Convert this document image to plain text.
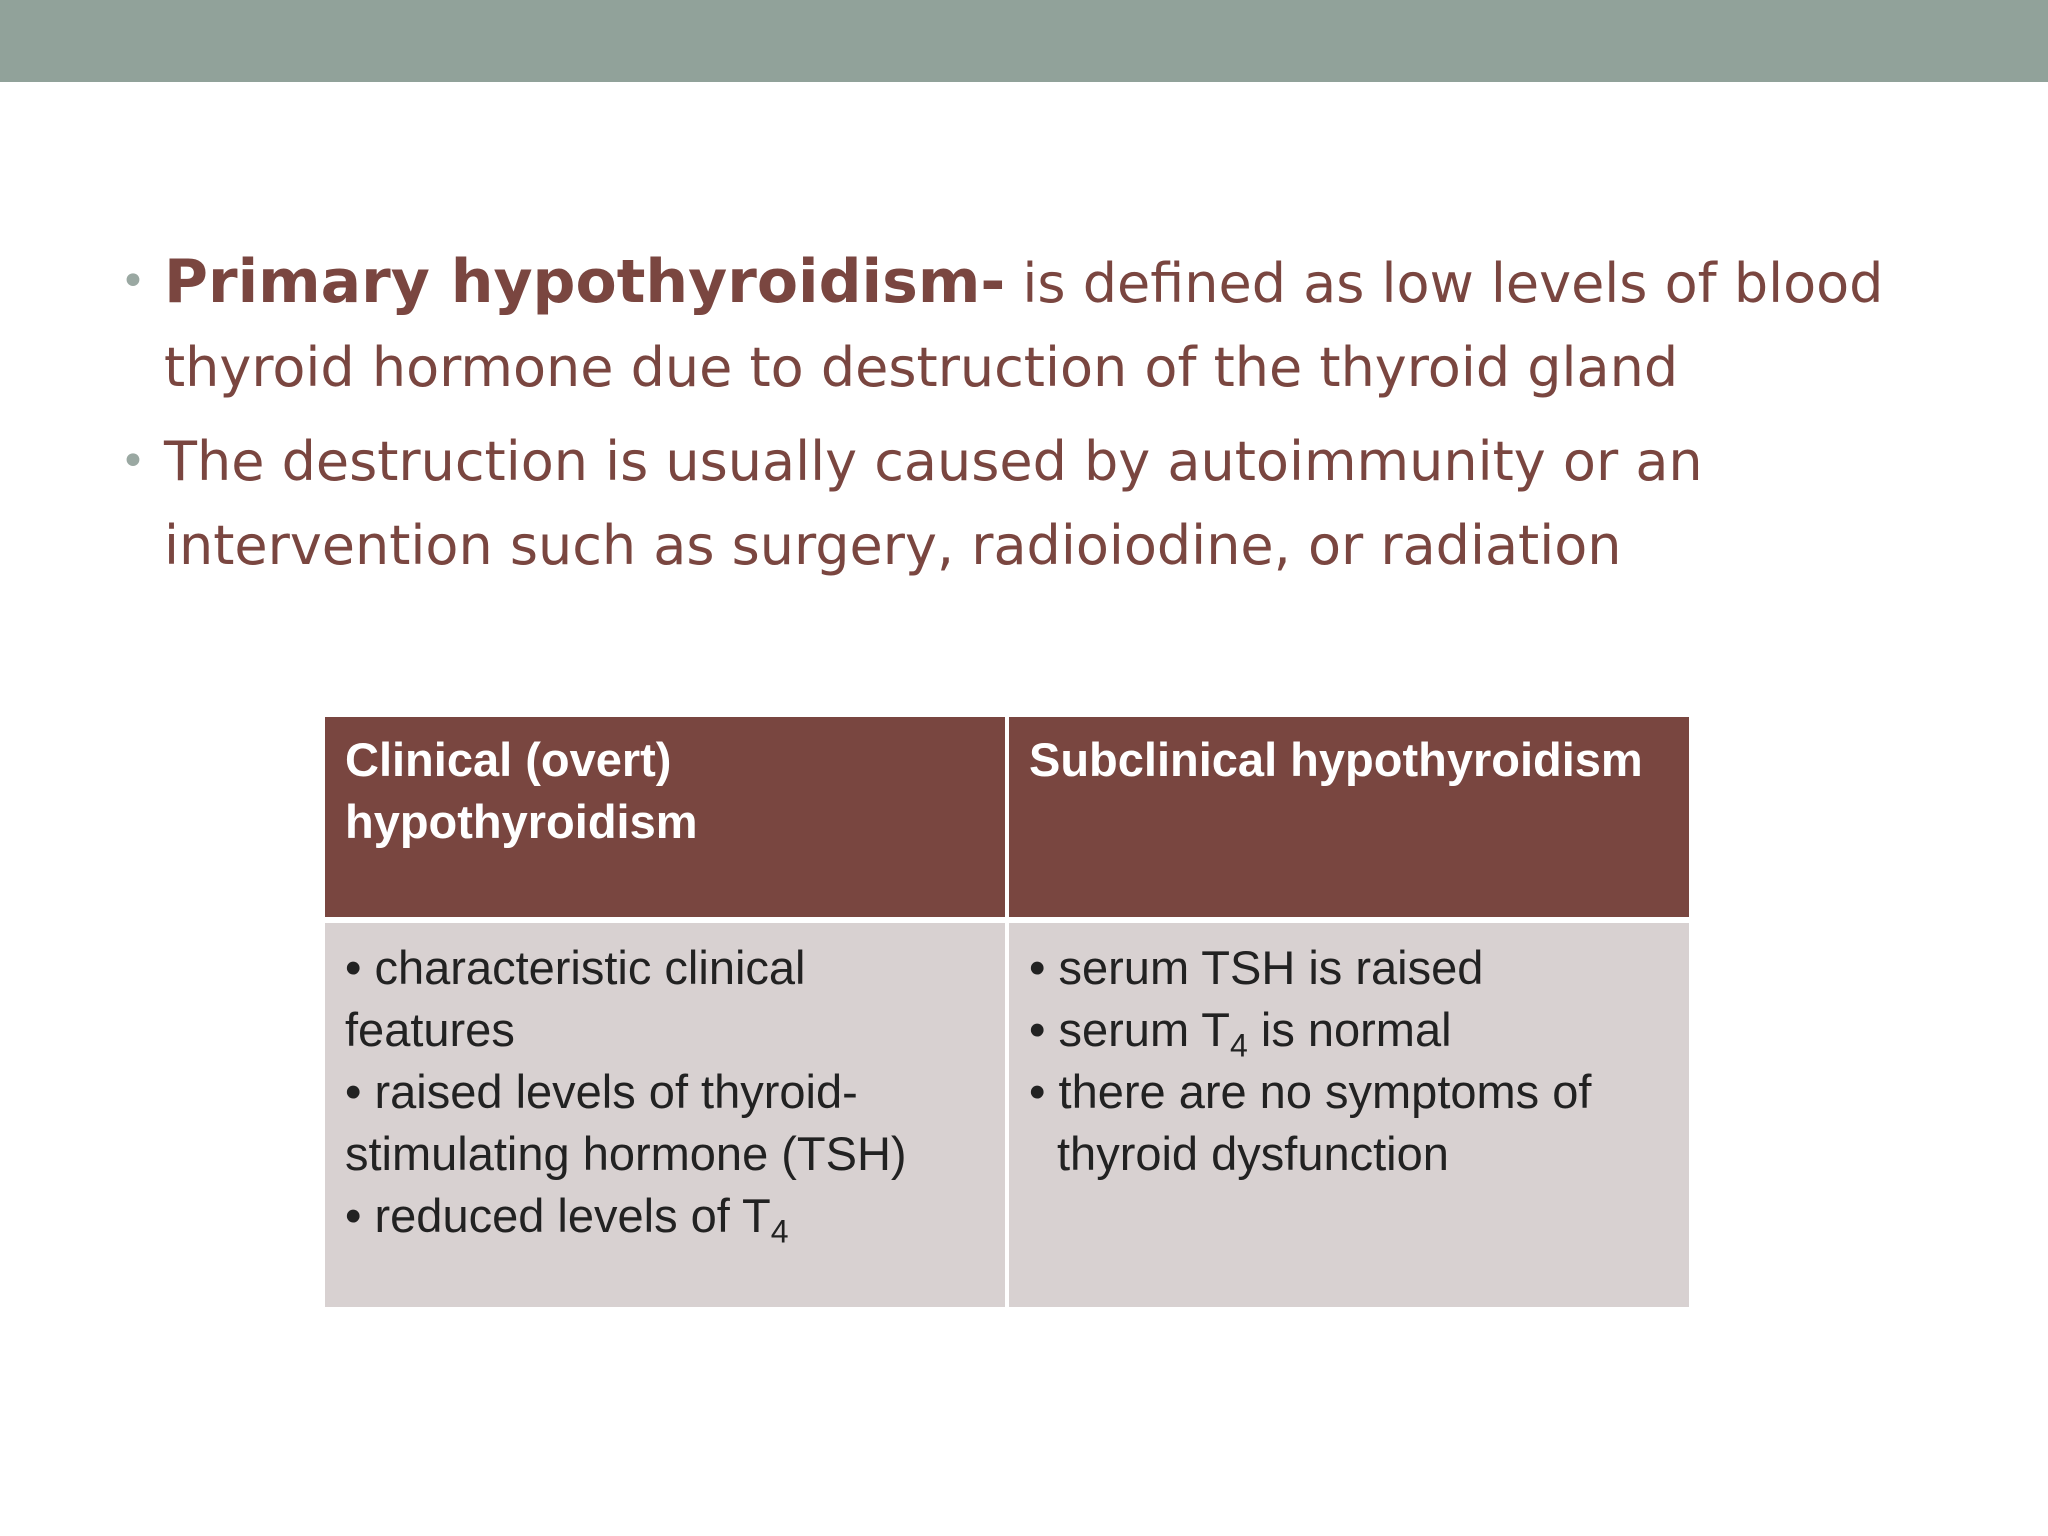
• Primary hypothyroidism- is defined as low levels of blood thyroid hormone due to destruction of the thyroid gland
• The destruction is usually caused by autoimmunity or an intervention such as surgery, radioiodine, or radiation
Clinical (overt) hypothyroidism
Subclinical hypothyroidism
• characteristic clinical
features
• raised levels of thyroid-
stimulating hormone (TSH)
• reduced levels of $T_4$
• serum TSH is raised
• serum $T_4$ is normal
• there are no symptoms of
thyroid dysfunction
